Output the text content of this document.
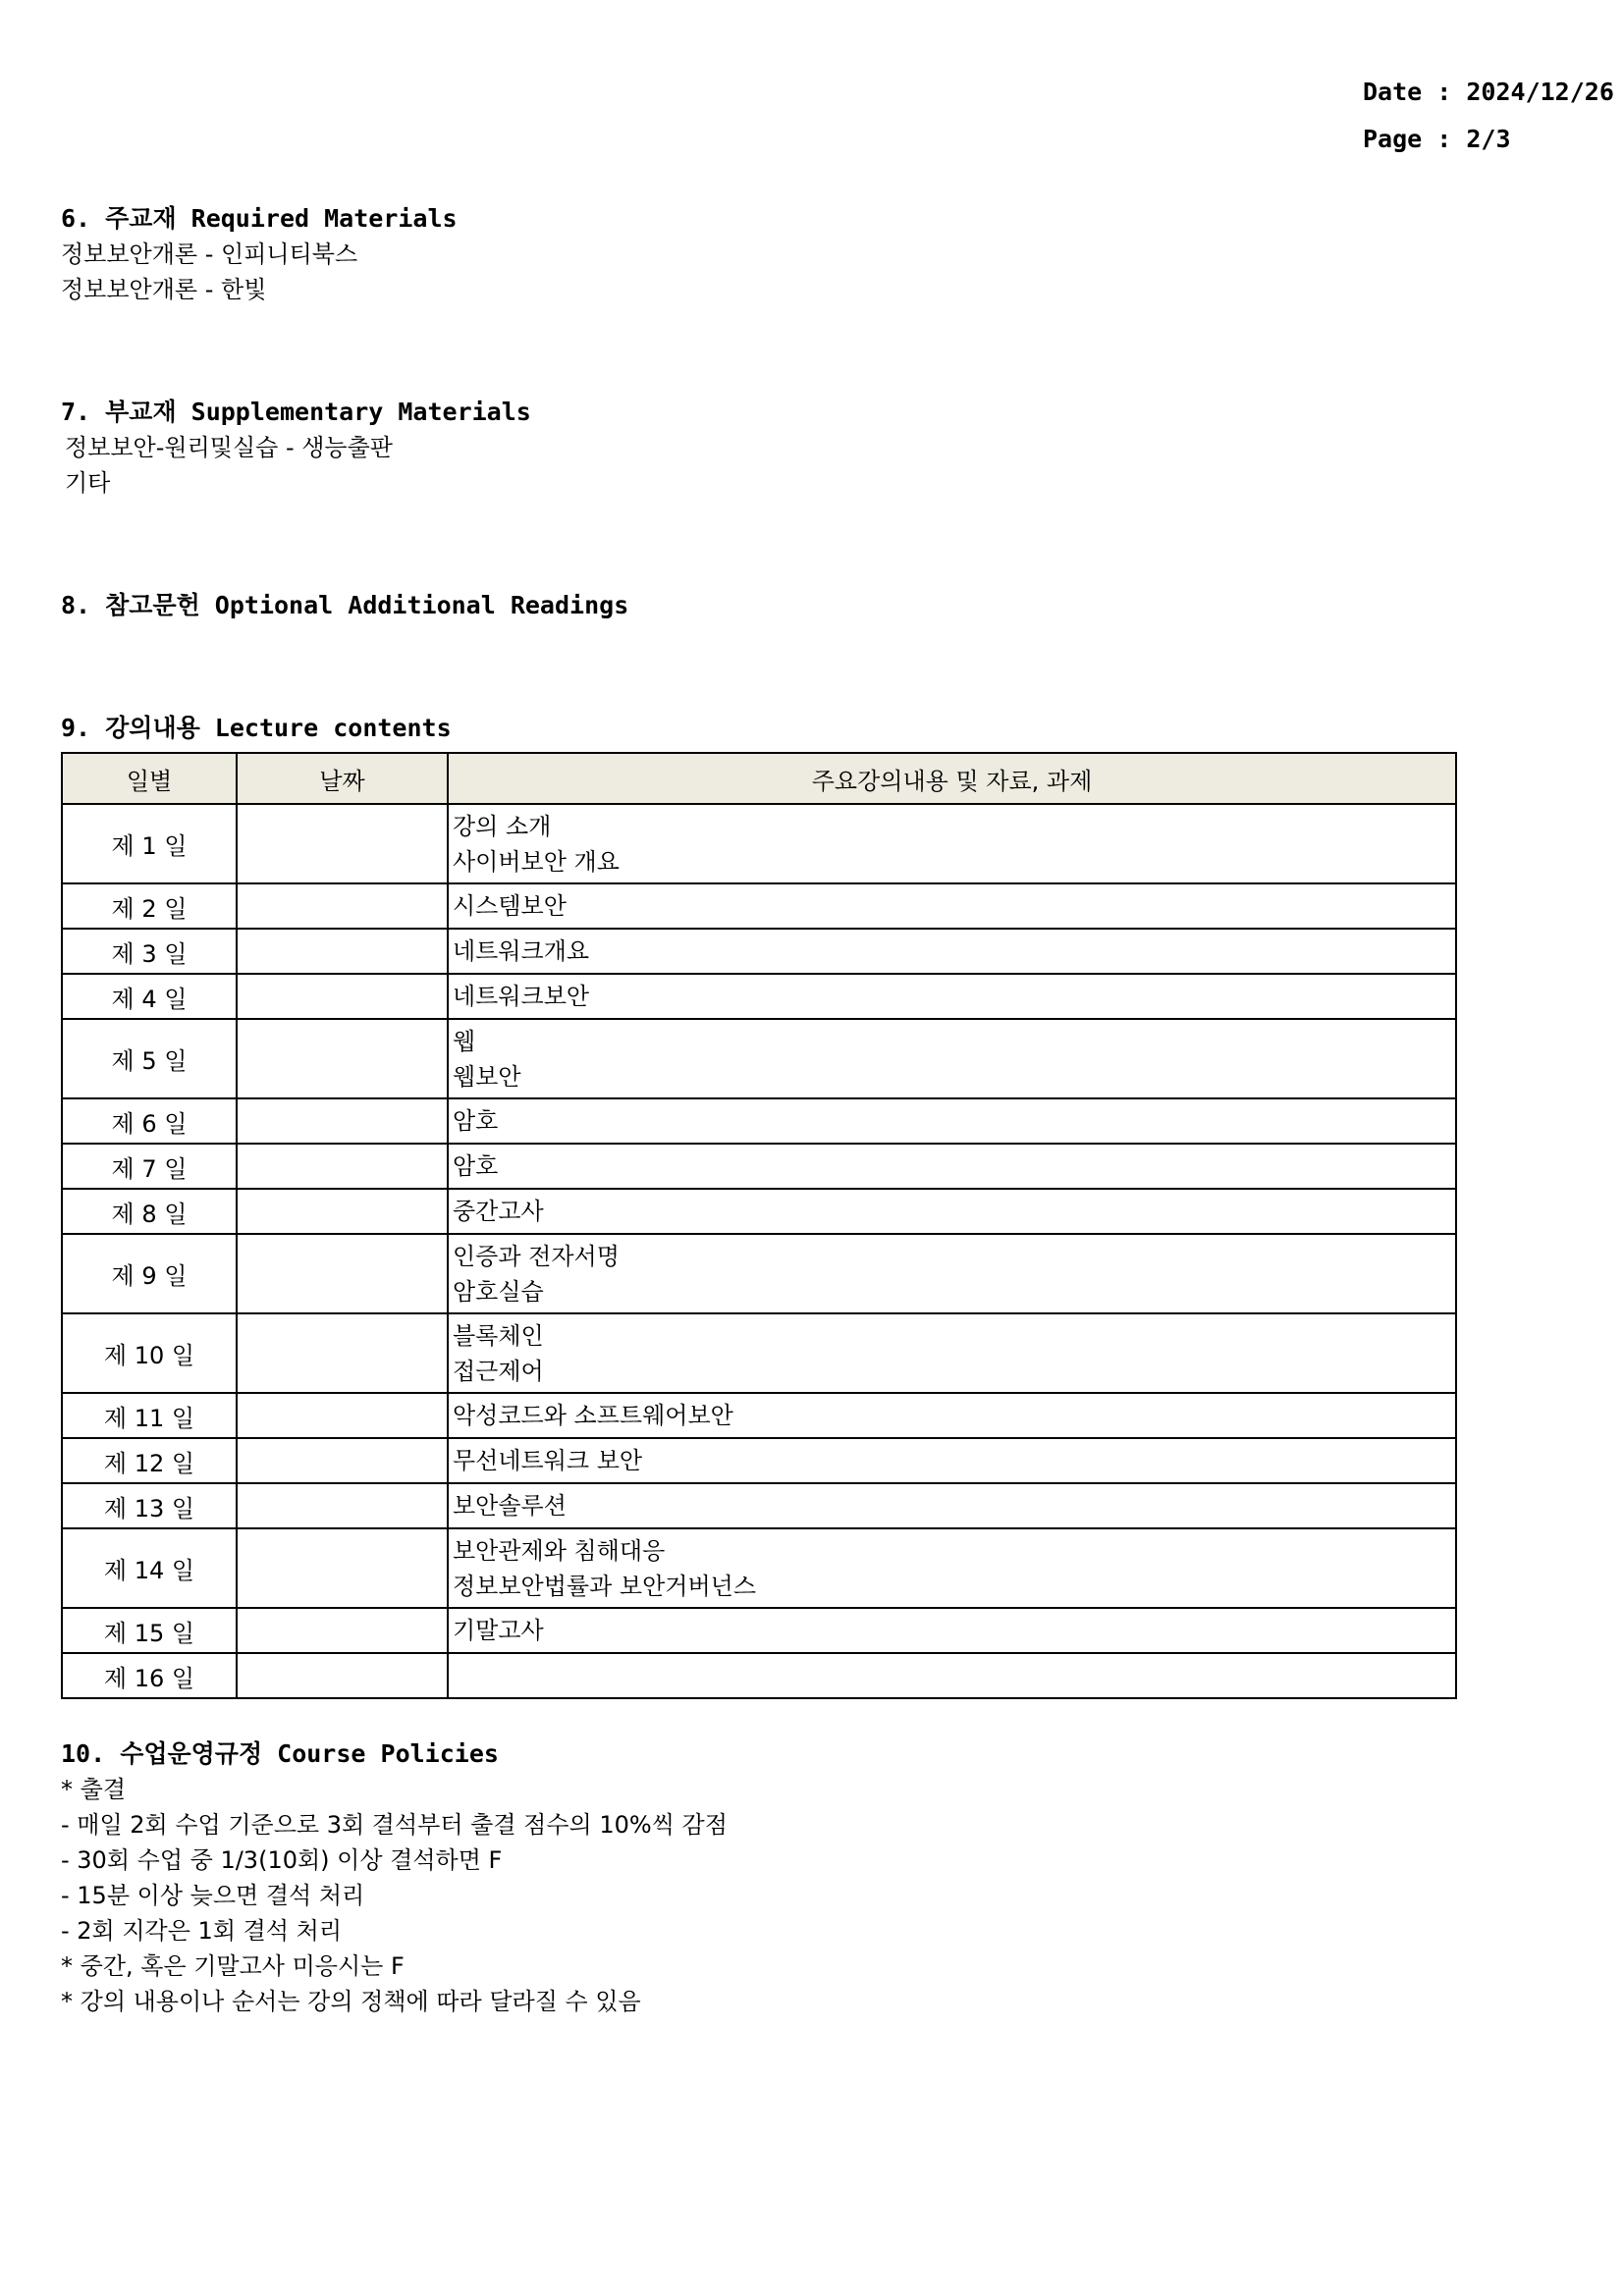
Date : 2024/12/26
Page : 2/3
6. 주교재 Required Materials
정보보안개론 - 인피니티북스
정보보안개론 - 한빛
7. 부교재 Supplementary Materials
정보보안-원리및실습 - 생능출판
기타
8. 참고문헌 Optional Additional Readings
9. 강의내용 Lecture contents
일별	날짜	주요강의내용 및 자료, 과제
제 1 일		강의 소개
사이버보안 개요

제 2 일		시스템보안

제 3 일		네트워크개요

제 4 일		네트워크보안

제 5 일		웹
웹보안

제 6 일		암호

제 7 일		암호

제 8 일		중간고사

제 9 일		인증과 전자서명
암호실습

제 10 일		블록체인
접근제어

제 11 일		악성코드와 소프트웨어보안

제 12 일		무선네트워크 보안

제 13 일		보안솔루션

제 14 일		보안관제와 침해대응
정보보안법률과 보안거버넌스

제 15 일		기말고사

제 16 일		
10. 수업운영규정 Course Policies
* 출결
- 매일 2회 수업 기준으로 3회 결석부터 출결 점수의 10%씩 감점
- 30회 수업 중 1/3(10회) 이상 결석하면 F
- 15분 이상 늦으면 결석 처리
- 2회 지각은 1회 결석 처리
* 중간, 혹은 기말고사 미응시는 F
* 강의 내용이나 순서는 강의 정책에 따라 달라질 수 있음
